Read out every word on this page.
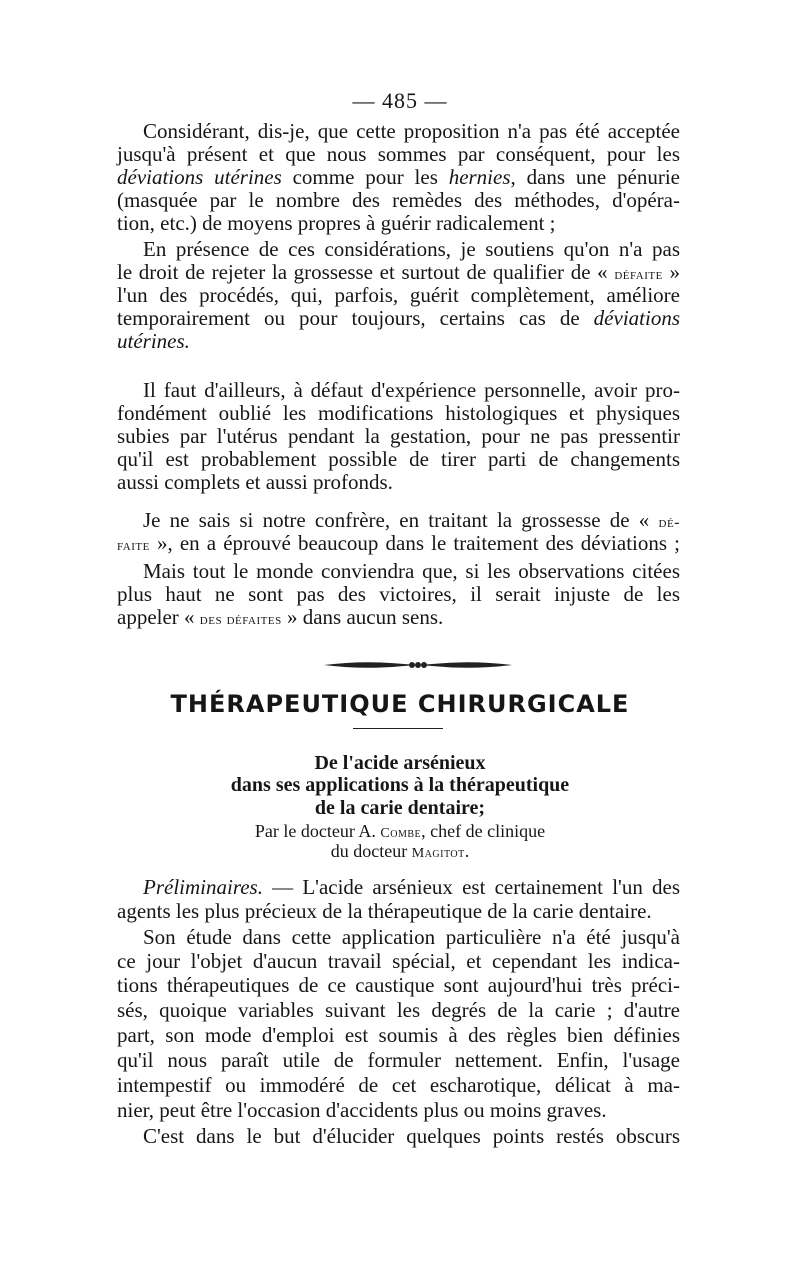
— 485 —

Considérant, dis-je, que cette proposition n'a pas été acceptée

jusqu'à présent et que nous sommes par conséquent, pour les

déviations utérines comme pour les hernies, dans une pénurie

(masquée par le nombre des remèdes des méthodes, d'opéra-

tion, etc.) de moyens propres à guérir radicalement ;

En présence de ces considérations, je soutiens qu'on n'a pas

le droit de rejeter la grossesse et surtout de qualifier de « défaite »

l'un des procédés, qui, parfois, guérit complètement, améliore

temporairement ou pour toujours, certains cas de déviations

utérines.

Il faut d'ailleurs, à défaut d'expérience personnelle, avoir pro-

fondément oublié les modifications histologiques et physiques

subies par l'utérus pendant la gestation, pour ne pas pressentir

qu'il est probablement possible de tirer parti de changements

aussi complets et aussi profonds.

Je ne sais si notre confrère, en traitant la grossesse de « dé-

faite », en a éprouvé beaucoup dans le traitement des déviations ;

Mais tout le monde conviendra que, si les observations citées

plus haut ne sont pas des victoires, il serait injuste de les

appeler « des défaites » dans aucun sens.

THÉRAPEUTIQUE CHIRURGICALE

De l'acide arsénieux

dans ses applications à la thérapeutique

de la carie dentaire;

Par le docteur A. Combe, chef de clinique

du docteur Magitot.

Préliminaires. — L'acide arsénieux est certainement l'un des

agents les plus précieux de la thérapeutique de la carie dentaire.

Son étude dans cette application particulière n'a été jusqu'à

ce jour l'objet d'aucun travail spécial, et cependant les indica-

tions thérapeutiques de ce caustique sont aujourd'hui très préci-

sés, quoique variables suivant les degrés de la carie ; d'autre

part, son mode d'emploi est soumis à des règles bien définies

qu'il nous paraît utile de formuler nettement. Enfin, l'usage

intempestif ou immodéré de cet escharotique, délicat à ma-

nier, peut être l'occasion d'accidents plus ou moins graves.

C'est dans le but d'élucider quelques points restés obscurs
